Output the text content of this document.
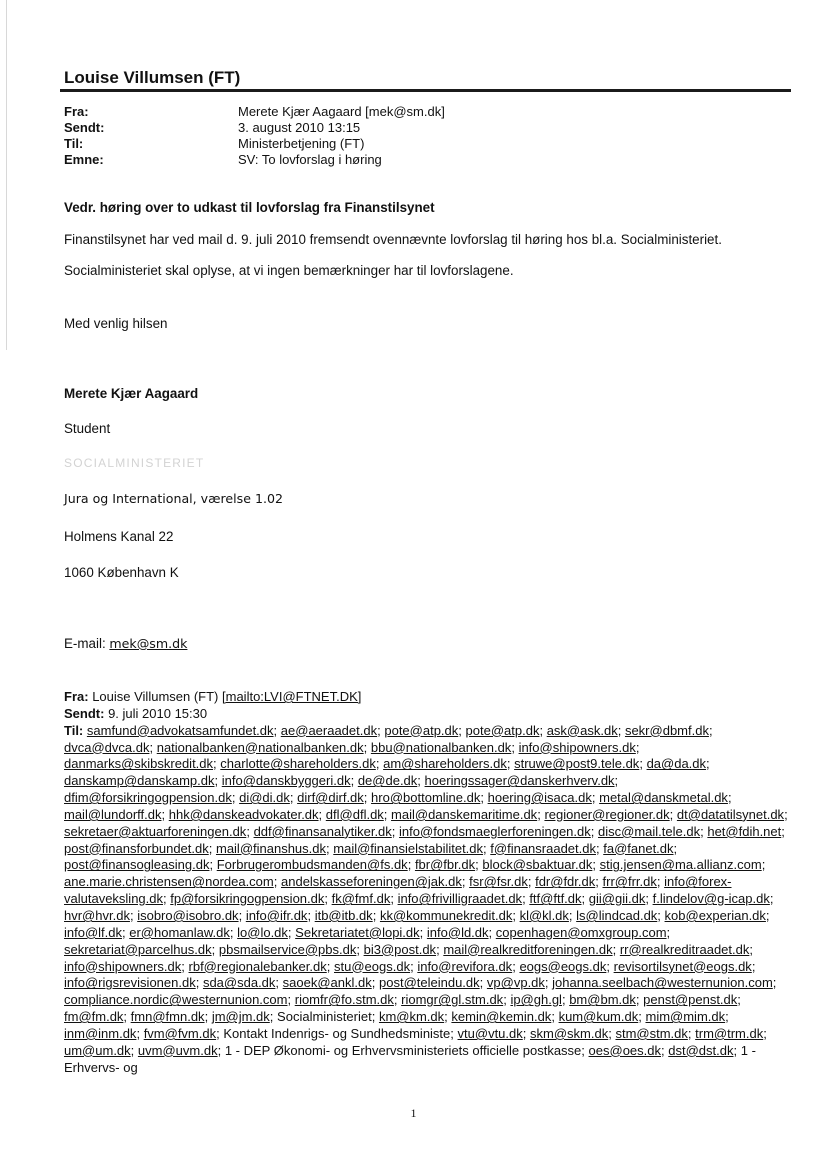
Louise Villumsen (FT)
Fra:	Merete Kjær Aagaard [mek@sm.dk]
Sendt:	3. august 2010 13:15
Til:	Ministerbetjening (FT)
Emne:	SV: To lovforslag i høring
Vedr. høring over to udkast til lovforslag fra Finanstilsynet
Finanstilsynet har ved mail d. 9. juli 2010 fremsendt ovennævnte lovforslag til høring hos bl.a. Socialministeriet.
Socialministeriet skal oplyse, at vi ingen bemærkninger har til lovforslagene.
Med venlig hilsen
Merete Kjær Aagaard
Student
SOCIALMINISTERIET
Jura og International, værelse 1.02
Holmens Kanal 22
1060 København K
E-mail: mek@sm.dk
Fra: Louise Villumsen (FT) [mailto:LVI@FTNET.DK]
Sendt: 9. juli 2010 15:30
Til: samfund@advokatsamfundet.dk; ae@aeraadet.dk; pote@atp.dk; pote@atp.dk; ask@ask.dk; sekr@dbmf.dk; dvca@dvca.dk; nationalbanken@nationalbanken.dk; bbu@nationalbanken.dk; info@shipowners.dk; danmarks@skibskredit.dk; charlotte@shareholders.dk; am@shareholders.dk; struwe@post9.tele.dk; da@da.dk; danskamp@danskamp.dk; info@danskbyggeri.dk; de@de.dk; hoeringssager@danskerhverv.dk; dfim@forsikringogpension.dk; di@di.dk; dirf@dirf.dk; hro@bottomline.dk; hoering@isaca.dk; metal@danskmetal.dk; mail@lundorff.dk; hhk@danskeadvokater.dk; dfl@dfl.dk; mail@danskemaritime.dk; regioner@regioner.dk; dt@datatilsynet.dk; sekretaer@aktuarforeningen.dk; ddf@finansanalytiker.dk; info@fondsmaeglerforeningen.dk; disc@mail.tele.dk; het@fdih.net; post@finansforbundet.dk; mail@finanshus.dk; mail@finansielstabilitet.dk; f@finansraadet.dk; fa@fanet.dk; post@finansogleasing.dk; Forbrugerombudsmanden@fs.dk; fbr@fbr.dk; block@sbaktuar.dk; stig.jensen@ma.allianz.com; ane.marie.christensen@nordea.com; andelskasseforeningen@jak.dk; fsr@fsr.dk; fdr@fdr.dk; frr@frr.dk; info@forex-valutaveksling.dk; fp@forsikringogpension.dk; fk@fmf.dk; info@frivilligraadet.dk; ftf@ftf.dk; gii@gii.dk; f.lindelov@g-icap.dk; hvr@hvr.dk; isobro@isobro.dk; info@ifr.dk; itb@itb.dk; kk@kommunekredit.dk; kl@kl.dk; ls@lindcad.dk; kob@experian.dk; info@lf.dk; er@homanlaw.dk; lo@lo.dk; Sekretariatet@lopi.dk; info@ld.dk; copenhagen@omxgroup.com; sekretariat@parcelhus.dk; pbsmailservice@pbs.dk; bi3@post.dk; mail@realkreditforeningen.dk; rr@realkreditraadet.dk; info@shipowners.dk; rbf@regionalebanker.dk; stu@eogs.dk; info@revifora.dk; eogs@eogs.dk; revisortilsynet@eogs.dk; info@rigsrevisionen.dk; sda@sda.dk; saoek@ankl.dk; post@teleindu.dk; vp@vp.dk; johanna.seelbach@westernunion.com; compliance.nordic@westernunion.com; riomfr@fo.stm.dk; riomgr@gl.stm.dk; ip@gh.gl; bm@bm.dk; penst@penst.dk; fm@fm.dk; fmn@fmn.dk; jm@jm.dk; Socialministeriet; km@km.dk; kemin@kemin.dk; kum@kum.dk; mim@mim.dk; inm@inm.dk; fvm@fvm.dk; Kontakt Indenrigs- og Sundhedsministe; vtu@vtu.dk; skm@skm.dk; stm@stm.dk; trm@trm.dk; um@um.dk; uvm@uvm.dk; 1 - DEP Økonomi- og Erhvervsministeriets officielle postkasse; oes@oes.dk; dst@dst.dk; 1 - Erhvervs- og
1
